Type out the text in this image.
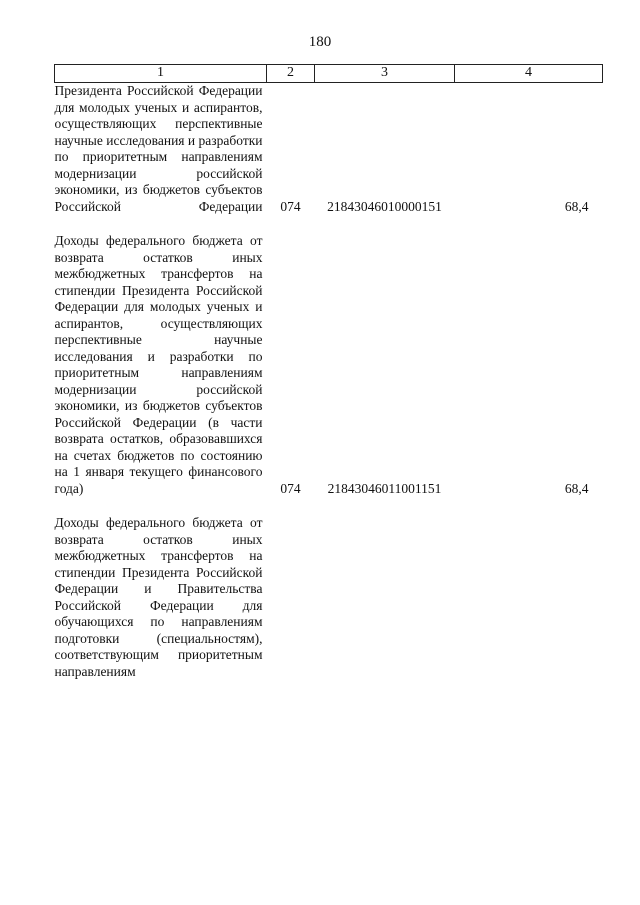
180
1	2	3	4
Президента Российской Федерации для молодых ученых и аспирантов, осуществляющих перспективные научные исследования и разработки по приоритетным направлениям модернизации российской экономики, из бюджетов субъектов Российской Федерации	074	21843046010000151	68,4

Доходы федерального бюджета от возврата остатков иных межбюджетных трансфертов на стипендии Президента Российской Федерации для молодых ученых и аспирантов, осуществляющих перспективные научные исследования и разработки по приоритетным направлениям модернизации российской экономики, из бюджетов субъектов Российской Федерации (в части возврата остатков, образовавшихся на счетах бюджетов по состоянию на 1 января текущего финансового года)	074	21843046011001151	68,4

Доходы федерального бюджета от возврата остатков иных межбюджетных трансфертов на стипендии Президента Российской Федерации и Правительства Российской Федерации для обучающихся по направлениям подготовки (специальностям), соответствующим приоритетным направлениям			
